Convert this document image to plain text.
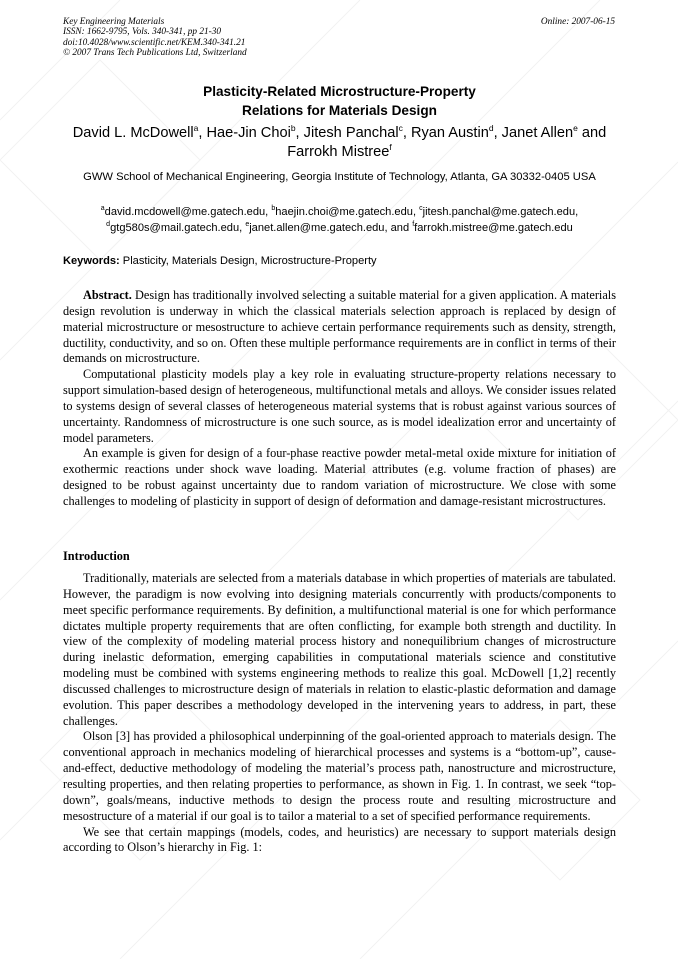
Key Engineering Materials
ISSN: 1662-9795, Vols. 340-341, pp 21-30
doi:10.4028/www.scientific.net/KEM.340-341.21
© 2007 Trans Tech Publications Ltd, Switzerland
Online: 2007-06-15
Plasticity-Related Microstructure-Property
Relations for Materials Design
David L. McDowell$^a$, Hae-Jin Choi$^b$, Jitesh Panchal$^c$, Ryan Austin$^d$, Janet Allen$^e$ and Farrokh Mistree$^f$
GWW School of Mechanical Engineering, Georgia Institute of Technology, Atlanta, GA 30332-0405 USA
$^a$david.mcdowell@me.gatech.edu, $^b$haejin.choi@me.gatech.edu, $^c$jitesh.panchal@me.gatech.edu,
$^d$gtg580s@mail.gatech.edu, $^e$janet.allen@me.gatech.edu, and $^f$farrokh.mistree@me.gatech.edu
Keywords: Plasticity, Materials Design, Microstructure-Property

Abstract. Design has traditionally involved selecting a suitable material for a given application. A materials design revolution is underway in which the classical materials selection approach is replaced by design of material microstructure or mesostructure to achieve certain performance requirements such as density, strength, ductility, conductivity, and so on. Often these multiple performance requirements are in conflict in terms of their demands on microstructure.

Computational plasticity models play a key role in evaluating structure-property relations necessary to support simulation-based design of heterogeneous, multifunctional metals and alloys. We consider issues related to systems design of several classes of heterogeneous material systems that is robust against various sources of uncertainty. Randomness of microstructure is one such source, as is model idealization error and uncertainty of model parameters.

An example is given for design of a four-phase reactive powder metal-metal oxide mixture for initiation of exothermic reactions under shock wave loading. Material attributes (e.g. volume fraction of phases) are designed to be robust against uncertainty due to random variation of microstructure. We close with some challenges to modeling of plasticity in support of design of deformation and damage-resistant microstructures.

Introduction

Traditionally, materials are selected from a materials database in which properties of materials are tabulated. However, the paradigm is now evolving into designing materials concurrently with products/components to meet specific performance requirements. By definition, a multifunctional material is one for which performance dictates multiple property requirements that are often conflicting, for example both strength and ductility. In view of the complexity of modeling material process history and nonequilibrium changes of microstructure during inelastic deformation, emerging capabilities in computational materials science and constitutive modeling must be combined with systems engineering methods to realize this goal. McDowell [1,2] recently discussed challenges to microstructure design of materials in relation to elastic-plastic deformation and damage evolution. This paper describes a methodology developed in the intervening years to address, in part, these challenges.

Olson [3] has provided a philosophical underpinning of the goal-oriented approach to materials design. The conventional approach in mechanics modeling of hierarchical processes and systems is a “bottom-up”, cause-and-effect, deductive methodology of modeling the material’s process path, nanostructure and microstructure, resulting properties, and then relating properties to performance, as shown in Fig. 1. In contrast, we seek “top-down”, goals/means, inductive methods to design the process route and resulting microstructure and mesostructure of a material if our goal is to tailor a material to a set of specified performance requirements.

We see that certain mappings (models, codes, and heuristics) are necessary to support materials design according to Olson’s hierarchy in Fig. 1:
